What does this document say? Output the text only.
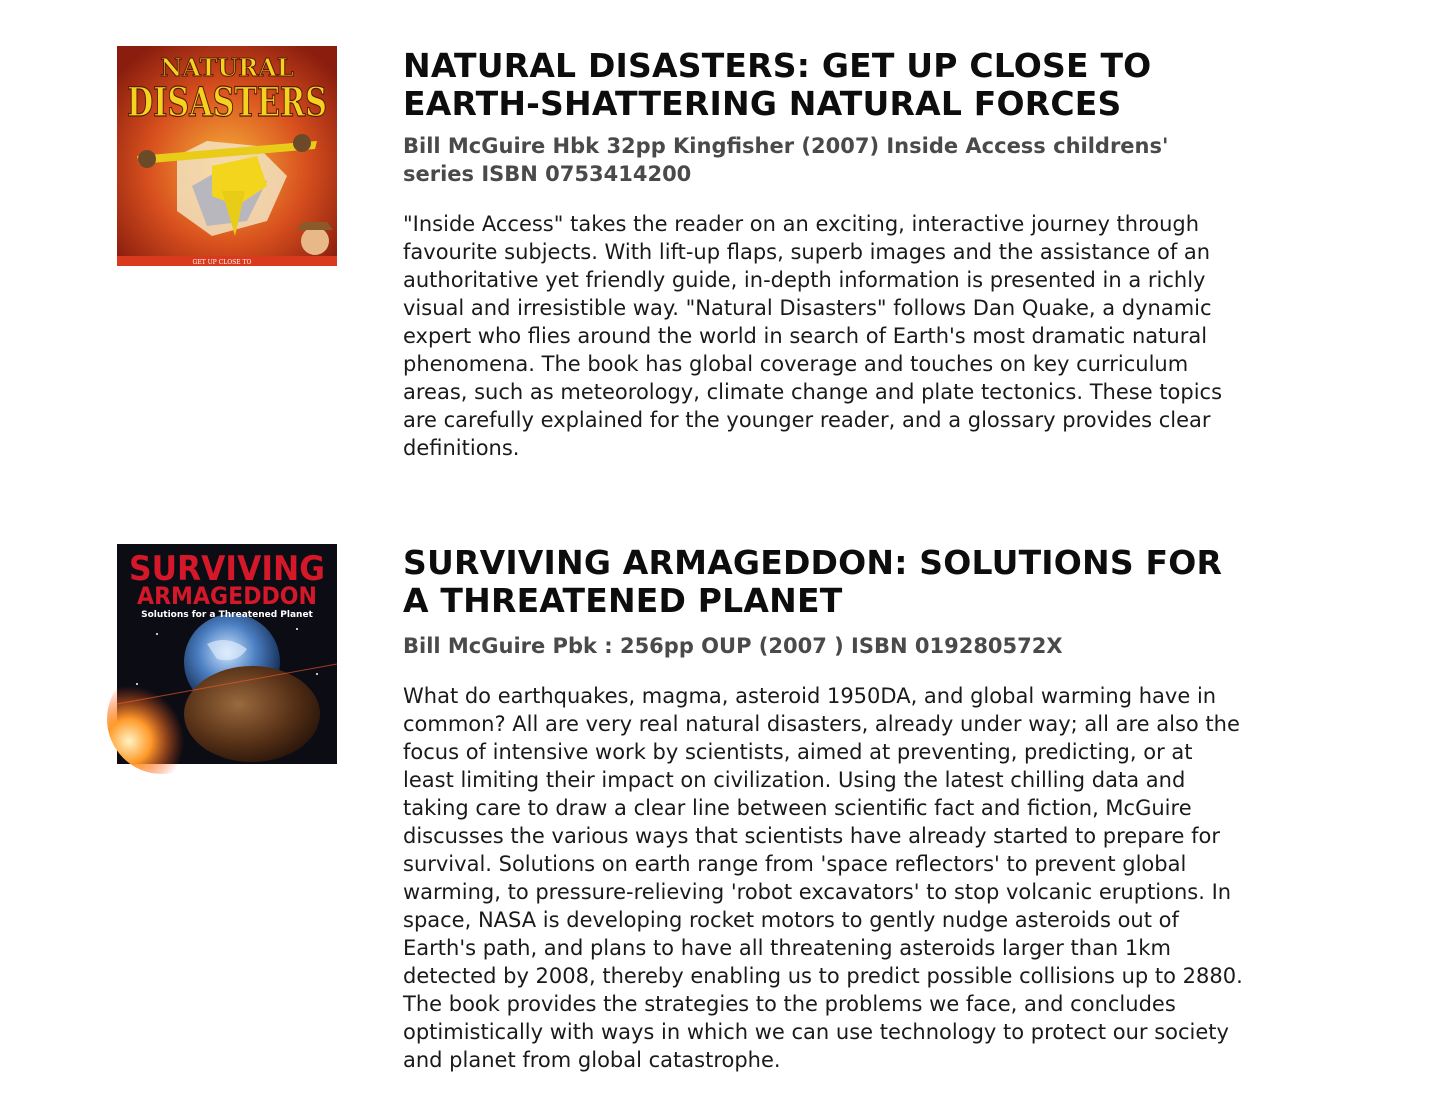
NATURAL
DISASTERS
GET UP CLOSE TO
NATURAL DISASTERS: GET UP CLOSE TO EARTH-SHATTERING NATURAL FORCES

Bill McGuire Hbk 32pp Kingfisher (2007) Inside Access childrens' series ISBN 0753414200

"Inside Access" takes the reader on an exciting, interactive journey through favourite subjects. With lift-up flaps, superb images and the assistance of an authoritative yet friendly guide, in-depth information is presented in a richly visual and irresistible way. "Natural Disasters" follows Dan Quake, a dynamic expert who flies around the world in search of Earth's most dramatic natural phenomena. The book has global coverage and touches on key curriculum areas, such as meteorology, climate change and plate tectonics. These topics are carefully explained for the younger reader, and a glossary provides clear definitions.

SURVIVING
ARMAGEDDON
Solutions for a Threatened Planet
SURVIVING ARMAGEDDON: SOLUTIONS FOR A THREATENED PLANET

Bill McGuire Pbk : 256pp OUP (2007 ) ISBN 019280572X

What do earthquakes, magma, asteroid 1950DA, and global warming have in common? All are very real natural disasters, already under way; all are also the focus of intensive work by scientists, aimed at preventing, predicting, or at least limiting their impact on civilization. Using the latest chilling data and taking care to draw a clear line between scientific fact and fiction, McGuire discusses the various ways that scientists have already started to prepare for survival. Solutions on earth range from 'space reflectors' to prevent global warming, to pressure-relieving 'robot excavators' to stop volcanic eruptions. In space, NASA is developing rocket motors to gently nudge asteroids out of Earth's path, and plans to have all threatening asteroids larger than 1km detected by 2008, thereby enabling us to predict possible collisions up to 2880. The book provides the strategies to the problems we face, and concludes optimistically with ways in which we can use technology to protect our society and planet from global catastrophe.
